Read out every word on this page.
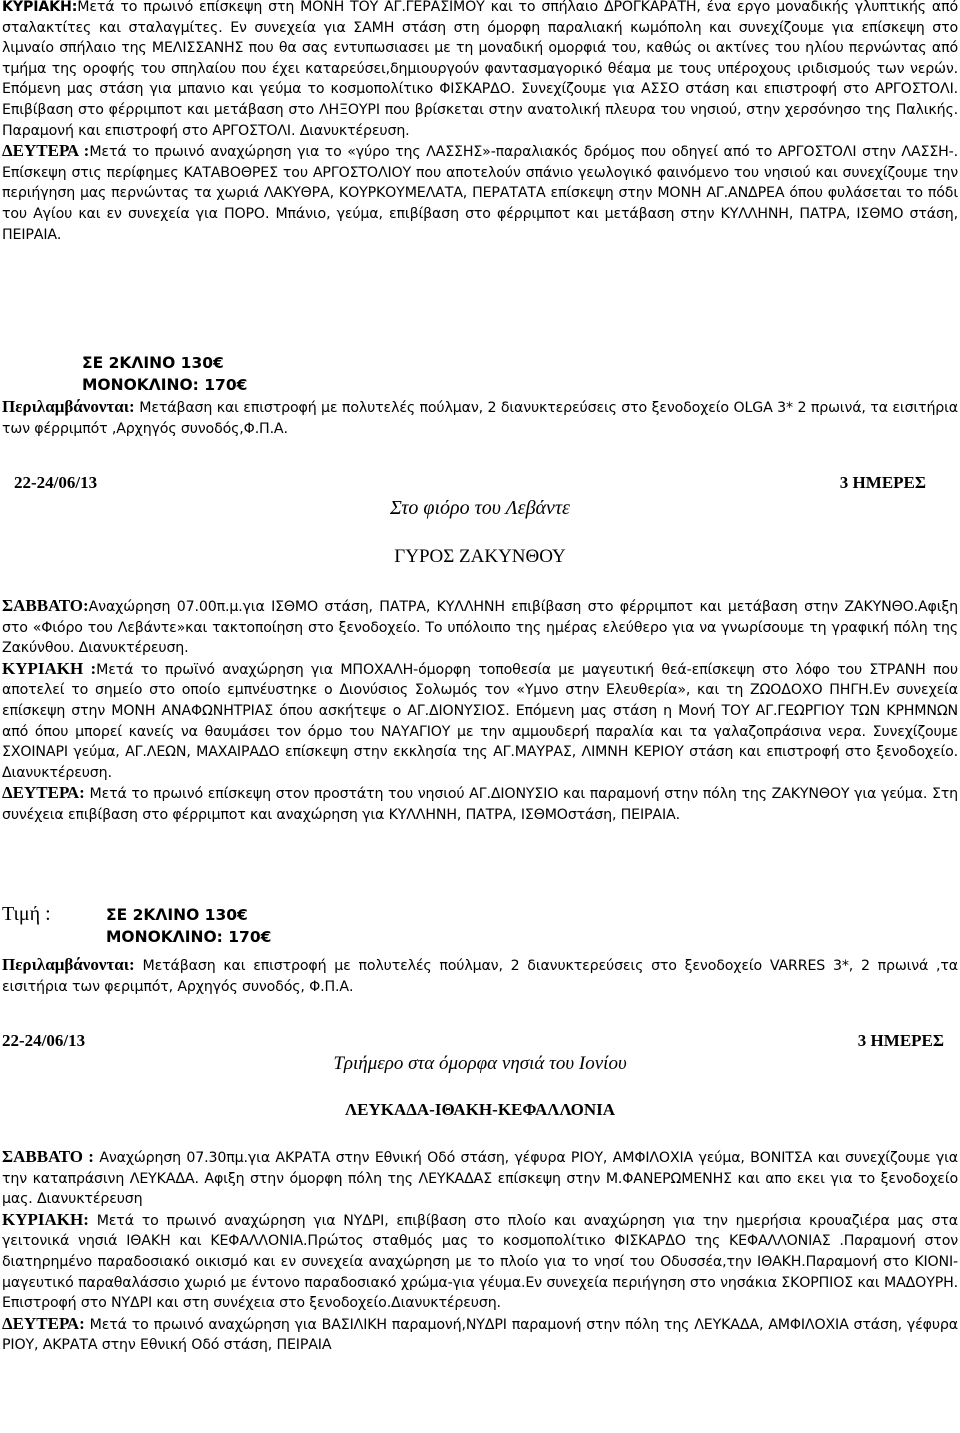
ΚΥΡΙΑΚΗ:Μετά το πρωινό επίσκεψη στη ΜΟΝΗ ΤΟΥ ΑΓ.ΓΕΡΑΣΙΜΟΥ και το σπήλαιο ΔΡΟΓΚΑΡΑΤΗ, ένα εργο μοναδικής γλυπτικής από σταλακτίτες και σταλαγμίτες. Εν συνεχεία για ΣΑΜΗ στάση στη όμορφη παραλιακή κωμόπολη και συνεχίζουμε για επίσκεψη στο λιμναίο σπήλαιο της ΜΕΛΙΣΣΑΝΗΣ που θα σας εντυπωσιασει με τη μοναδική ομορφιά του, καθώς οι ακτίνες του ηλίου περνώντας από τμήμα της οροφής του σπηλαίου που έχει καταρεύσει,δημιουργούν φαντασμαγορικό θέαμα με τους υπέροχους ιριδισμούς των νερών. Επόμενη μας στάση για μπανιο και γεύμα το κοσμοπολίτικο ΦΙΣΚΑΡΔΟ. Συνεχίζουμε για ΑΣΣΟ στάση και επιστροφή στο ΑΡΓΟΣΤΟΛΙ. Επιβίβαση στο φέρριμποτ και μετάβαση στο ΛΗΞΟΥΡΙ που βρίσκεται στην ανατολική πλευρα του νησιού, στην χερσόνησο της Παλικής. Παραμονή και επιστροφή στο ΑΡΓΟΣΤΟΛΙ. Διανυκτέρευση.

ΔΕΥΤΕΡΑ :Μετά το πρωινό αναχώρηση για το «γύρο της ΛΑΣΣΗΣ»-παραλιακός δρόμος που οδηγεί από το ΑΡΓΟΣΤΟΛΙ στην ΛΑΣΣΗ-. Επίσκεψη στις περίφημες ΚΑΤΑΒΟΘΡΕΣ του ΑΡΓΟΣΤΟΛΙΟΥ που αποτελούν σπάνιο γεωλογικό φαινόμενο του νησιού και συνεχίζουμε την περιήγηση μας περνώντας τα χωριά ΛΑΚΥΘΡΑ, ΚΟΥΡΚΟΥΜΕΛΑΤΑ, ΠΕΡΑΤΑΤΑ επίσκεψη στην ΜΟΝΗ ΑΓ.ΑΝΔΡΕΑ όπου φυλάσεται το πόδι του Αγίου και εν συνεχεία για ΠΟΡΟ. Μπάνιο, γεύμα, επιβίβαση στο φέρριμποτ και μετάβαση στην ΚΥΛΛΗΝΗ, ΠΑΤΡΑ, ΙΣΘΜΟ στάση, ΠΕΙΡΑΙΑ.

ΣΕ 2ΚΛΙΝΟ 130€
ΜΟΝΟΚΛΙΝΟ: 170€

Περιλαμβάνονται: Μετάβαση και επιστροφή με πολυτελές πούλμαν, 2 διανυκτερεύσεις στο ξενοδοχείο OLGA 3* 2 πρωινά, τα εισιτήρια των φέρριμπότ ,Αρχηγός συνοδός,Φ.Π.Α.

22-24/06/13	3 ΗΜΕΡΕΣ
Στο φιόρο του Λεβάντε
ΓΥΡΟΣ ΖΑΚΥΝΘΟΥ

ΣΑΒΒΑΤΟ:Αναχώρηση 07.00π.μ.για ΙΣΘΜΟ στάση, ΠΑΤΡΑ, ΚΥΛΛΗΝΗ επιβίβαση στο φέρριμποτ και μετάβαση στην ΖΑΚΥΝΘΟ.Αφιξη στο «Φιόρο του Λεβάντε»και τακτοποίηση στο ξενοδοχείο. Το υπόλοιπο της ημέρας ελεύθερο για να γνωρίσουμε τη γραφική πόλη της Ζακύνθου. Διανυκτέρευση.

ΚΥΡΙΑΚΗ :Μετά το πρωϊνό αναχώρηση για ΜΠΟΧΑΛΗ-όμορφη τοποθεσία με μαγευτική θεά-επίσκεψη στο λόφο του ΣΤΡΑΝΗ που αποτελεί το σημείο στο οποίο εμπνέυστηκε ο Διονύσιος Σολωμός τον «Υμνο στην Ελευθερία», και τη ΖΩΟΔΟΧΟ ΠΗΓΗ.Εν συνεχεία επίσκεψη στην ΜΟΝΗ ΑΝΑΦΩΝΗΤΡΙΑΣ όπου ασκήτεψε ο ΑΓ.ΔΙΟΝΥΣΙΟΣ. Επόμενη μας στάση η Μονή ΤΟΥ ΑΓ.ΓΕΩΡΓΙΟΥ ΤΩΝ ΚΡΗΜΝΩΝ από όπου μπορεί κανείς να θαυμάσει τον όρμο του ΝΑΥΑΓΙΟΥ με την αμμουδερή παραλία και τα γαλαζοπράσινα νερα. Συνεχίζουμε ΣΧΟΙΝΑΡΙ γεύμα, ΑΓ.ΛΕΩΝ, ΜΑΧΑΙΡΑΔΟ επίσκεψη στην εκκλησία της ΑΓ.ΜΑΥΡΑΣ, ΛΙΜΝΗ ΚΕΡΙΟΥ στάση και επιστροφή στο ξενοδοχείο. Διανυκτέρευση.

ΔΕΥΤΕΡΑ: Μετά το πρωινό επίσκεψη στον προστάτη του νησιού ΑΓ.ΔΙΟΝΥΣΙΟ και παραμονή στην πόλη της ΖΑΚΥΝΘΟΥ για γεύμα. Στη συνέχεια επιβίβαση στο φέρριμποτ και αναχώρηση για ΚΥΛΛΗΝΗ, ΠΑΤΡΑ, ΙΣΘΜΟστάση, ΠΕΙΡΑΙΑ.

Τιμή :	ΣΕ 2ΚΛΙΝΟ 130€
ΜΟΝΟΚΛΙΝΟ: 170€

Περιλαμβάνονται: Μετάβαση και επιστροφή με πολυτελές πούλμαν, 2 διανυκτερεύσεις στο ξενοδοχείο VARRES 3*, 2 πρωινά ,τα εισιτήρια των φεριμπότ, Αρχηγός συνοδός, Φ.Π.Α.

22-24/06/13	3 ΗΜΕΡΕΣ
Τριήμερο στα όμορφα νησιά του Ιονίου
ΛΕΥΚΑΔΑ-ΙΘΑΚΗ-ΚΕΦΑΛΛΟΝΙΑ

ΣΑΒΒΑΤΟ : Αναχώρηση 07.30πμ.για ΑΚΡΑΤΑ στην Εθνική Οδό στάση, γέφυρα ΡΙΟΥ, ΑΜΦΙΛΟΧΙΑ γεύμα, ΒΟΝΙΤΣΑ και συνεχίζουμε για την καταπράσινη ΛΕΥΚΑΔΑ. Αφιξη στην όμορφη πόλη της ΛΕΥΚΑΔΑΣ επίσκεψη στην Μ.ΦΑΝΕΡΩΜΕΝΗΣ και απο εκει για το ξενοδοχείο μας. Διανυκτέρευση

ΚΥΡΙΑΚΗ: Μετά το πρωινό αναχώρηση για ΝΥΔΡΙ, επιβίβαση στο πλοίο και αναχώρηση για την ημερήσια κρουαζιέρα μας στα γειτονικά νησιά ΙΘΑΚΗ και ΚΕΦΑΛΛΟΝΙΑ.Πρώτος σταθμός μας το κοσμοπολίτικο ΦΙΣΚΑΡΔΟ της ΚΕΦΑΛΛΟΝΙΑΣ .Παραμονή στον διατηρημένο παραδοσιακό οικισμό και εν συνεχεία αναχώρηση με το πλοίο για το νησί του Οδυσσέα,την ΙΘΑΚΗ.Παραμονή στο ΚΙΟΝΙ-μαγευτικό παραθαλάσσιο χωριό με έντονο παραδοσιακό χρώμα-για γέυμα.Εν συνεχεία περιήγηση στο νησάκια ΣΚΟΡΠΙΟΣ και ΜΑΔΟΥΡΗ. Επιστροφή στο ΝΥΔΡΙ και στη συνέχεια στο ξενοδοχείο.Διανυκτέρευση.

ΔΕΥΤΕΡΑ: Μετά το πρωινό αναχώρηση για ΒΑΣΙΛΙΚΗ παραμονή,ΝΥΔΡΙ παραμονή στην πόλη της ΛΕΥΚΑΔΑ, ΑΜΦΙΛΟΧΙΑ στάση, γέφυρα ΡΙΟΥ, ΑΚΡΑΤΑ στην Εθνική Οδό στάση, ΠΕΙΡΑΙΑ
